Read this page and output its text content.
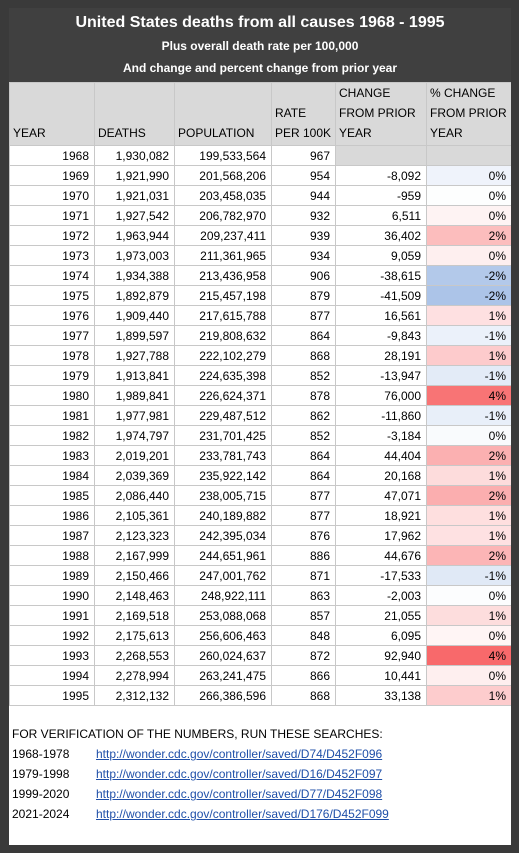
United States deaths from all causes 1968 - 1995
Plus overall death rate per 100,000
And change and percent change from prior year
YEAR	DEATHS	POPULATION	RATE PER 100K	CHANGE FROM PRIOR YEAR	% CHANGE FROM PRIOR YEAR
1968	1,930,082	199,533,564	967		
1969	1,921,990	201,568,206	954	-8,092	0%
1970	1,921,031	203,458,035	944	-959	0%
1971	1,927,542	206,782,970	932	6,511	0%
1972	1,963,944	209,237,411	939	36,402	2%
1973	1,973,003	211,361,965	934	9,059	0%
1974	1,934,388	213,436,958	906	-38,615	-2%
1975	1,892,879	215,457,198	879	-41,509	-2%
1976	1,909,440	217,615,788	877	16,561	1%
1977	1,899,597	219,808,632	864	-9,843	-1%
1978	1,927,788	222,102,279	868	28,191	1%
1979	1,913,841	224,635,398	852	-13,947	-1%
1980	1,989,841	226,624,371	878	76,000	4%
1981	1,977,981	229,487,512	862	-11,860	-1%
1982	1,974,797	231,701,425	852	-3,184	0%
1983	2,019,201	233,781,743	864	44,404	2%
1984	2,039,369	235,922,142	864	20,168	1%
1985	2,086,440	238,005,715	877	47,071	2%
1986	2,105,361	240,189,882	877	18,921	1%
1987	2,123,323	242,395,034	876	17,962	1%
1988	2,167,999	244,651,961	886	44,676	2%
1989	2,150,466	247,001,762	871	-17,533	-1%
1990	2,148,463	248,922,111	863	-2,003	0%
1991	2,169,518	253,088,068	857	21,055	1%
1992	2,175,613	256,606,463	848	6,095	0%
1993	2,268,553	260,024,637	872	92,940	4%
1994	2,278,994	263,241,475	866	10,441	0%
1995	2,312,132	266,386,596	868	33,138	1%
FOR VERIFICATION OF THE NUMBERS, RUN THESE SEARCHES:
1968-1978 http://wonder.cdc.gov/controller/saved/D74/D452F096
1979-1998 http://wonder.cdc.gov/controller/saved/D16/D452F097
1999-2020 http://wonder.cdc.gov/controller/saved/D77/D452F098
2021-2024 http://wonder.cdc.gov/controller/saved/D176/D452F099
